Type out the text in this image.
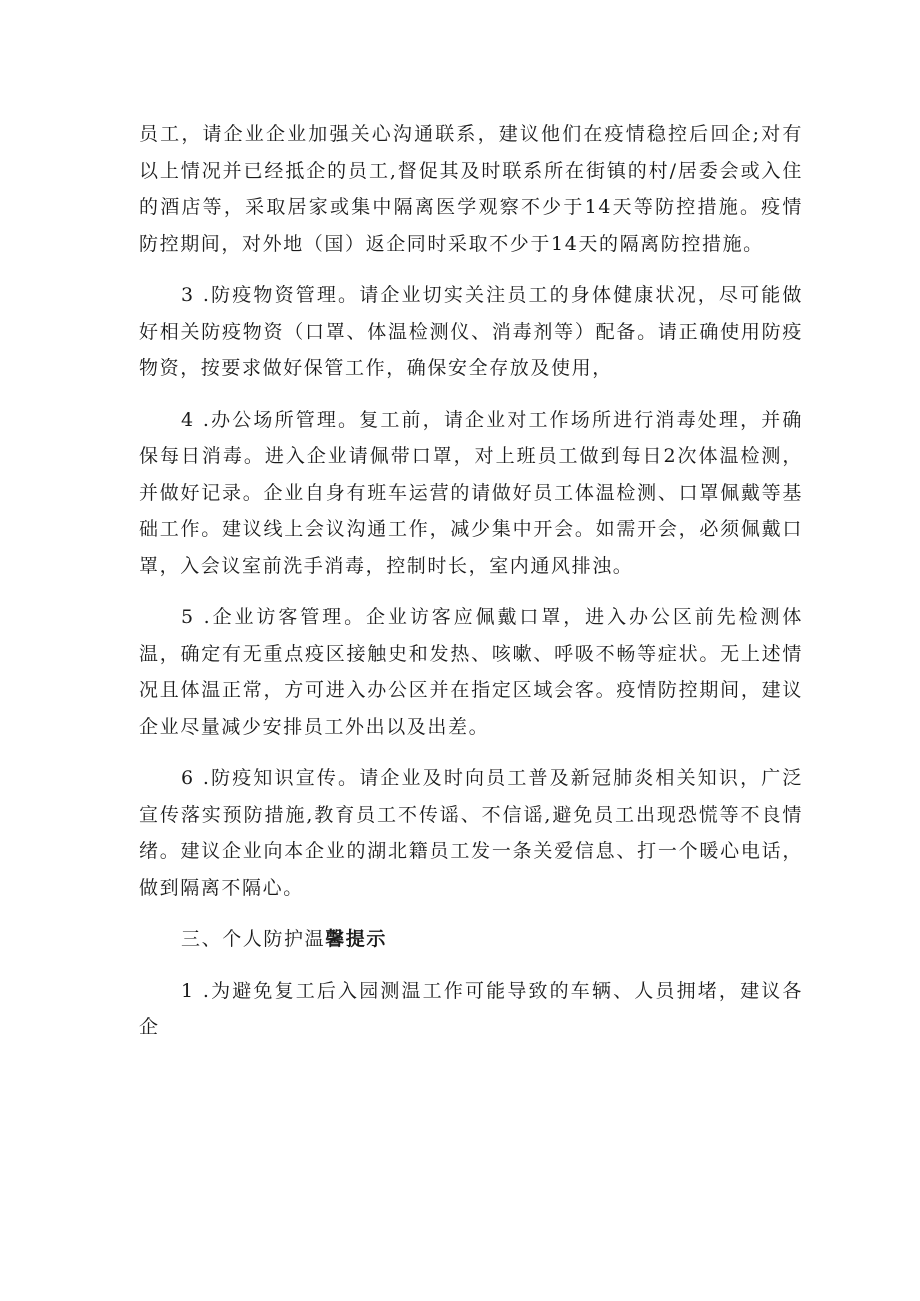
员工，请企业企业加强关心沟通联系，建议他们在疫情稳控后回企;对有以上情况并已经抵企的员工,督促其及时联系所在街镇的村/居委会或入住的酒店等，采取居家或集中隔离医学观察不少于14天等防控措施。疫情防控期间，对外地（国）返企同时采取不少于14天的隔离防控措施。

3 .防疫物资管理。请企业切实关注员工的身体健康状况，尽可能做好相关防疫物资（口罩、体温检测仪、消毒剂等）配备。请正确使用防疫物资，按要求做好保管工作，确保安全存放及使用，

4 .办公场所管理。复工前，请企业对工作场所进行消毒处理，并确保每日消毒。进入企业请佩带口罩，对上班员工做到每日2次体温检测，并做好记录。企业自身有班车运营的请做好员工体温检测、口罩佩戴等基础工作。建议线上会议沟通工作，减少集中开会。如需开会，必须佩戴口罩，入会议室前洗手消毒，控制时长，室内通风排浊。

5 .企业访客管理。企业访客应佩戴口罩，进入办公区前先检测体温，确定有无重点疫区接触史和发热、咳嗽、呼吸不畅等症状。无上述情况且体温正常，方可进入办公区并在指定区域会客。疫情防控期间，建议企业尽量减少安排员工外出以及出差。

6 .防疫知识宣传。请企业及时向员工普及新冠肺炎相关知识，广泛宣传落实预防措施,教育员工不传谣、不信谣,避免员工出现恐慌等不良情绪。建议企业向本企业的湖北籍员工发一条关爱信息、打一个暖心电话，做到隔离不隔心。

三、个人防护温馨提示

1 .为避免复工后入园测温工作可能导致的车辆、人员拥堵，建议各企
